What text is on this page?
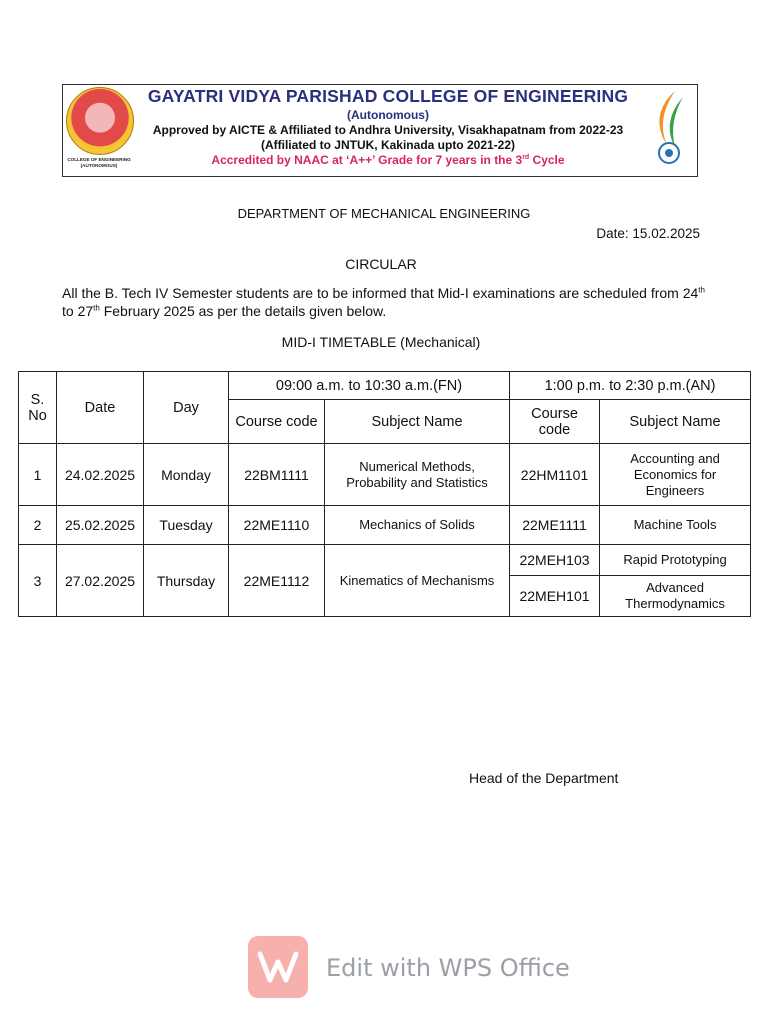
COLLEGE OF ENGINEERING
(AUTONOMOUS)
GAYATRI VIDYA PARISHAD COLLEGE OF ENGINEERING
(Autonomous)
Approved by AICTE & Affiliated to Andhra University, Visakhapatnam from 2022-23
(Affiliated to JNTUK, Kakinada upto 2021-22)
Accredited by NAAC at ‘A++’ Grade for 7 years in the 3rd Cycle
DEPARTMENT OF MECHANICAL ENGINEERING
Date: 15.02.2025
CIRCULAR
All the B. Tech IV Semester students are to be informed that Mid-I examinations are scheduled from 24th to 27th February 2025 as per the details given below.
MID-I TIMETABLE (Mechanical)
S. No	Date	Day	09:00 a.m. to 10:30 a.m.(FN)		1:00 p.m. to 2:30 p.m.(AN)	
			Course code	Subject Name	Course code	Subject Name
1	24.02.2025	Monday	22BM1111	Numerical Methods, Probability and Statistics	22HM1101	Accounting and Economics for Engineers
2	25.02.2025	Tuesday	22ME1110	Mechanics of Solids	22ME1111	Machine Tools
3	27.02.2025	Thursday	22ME1112	Kinematics of Mechanisms	22MEH103	Rapid Prototyping
					22MEH101	Advanced Thermodynamics
Head of the Department
Edit with WPS Office
